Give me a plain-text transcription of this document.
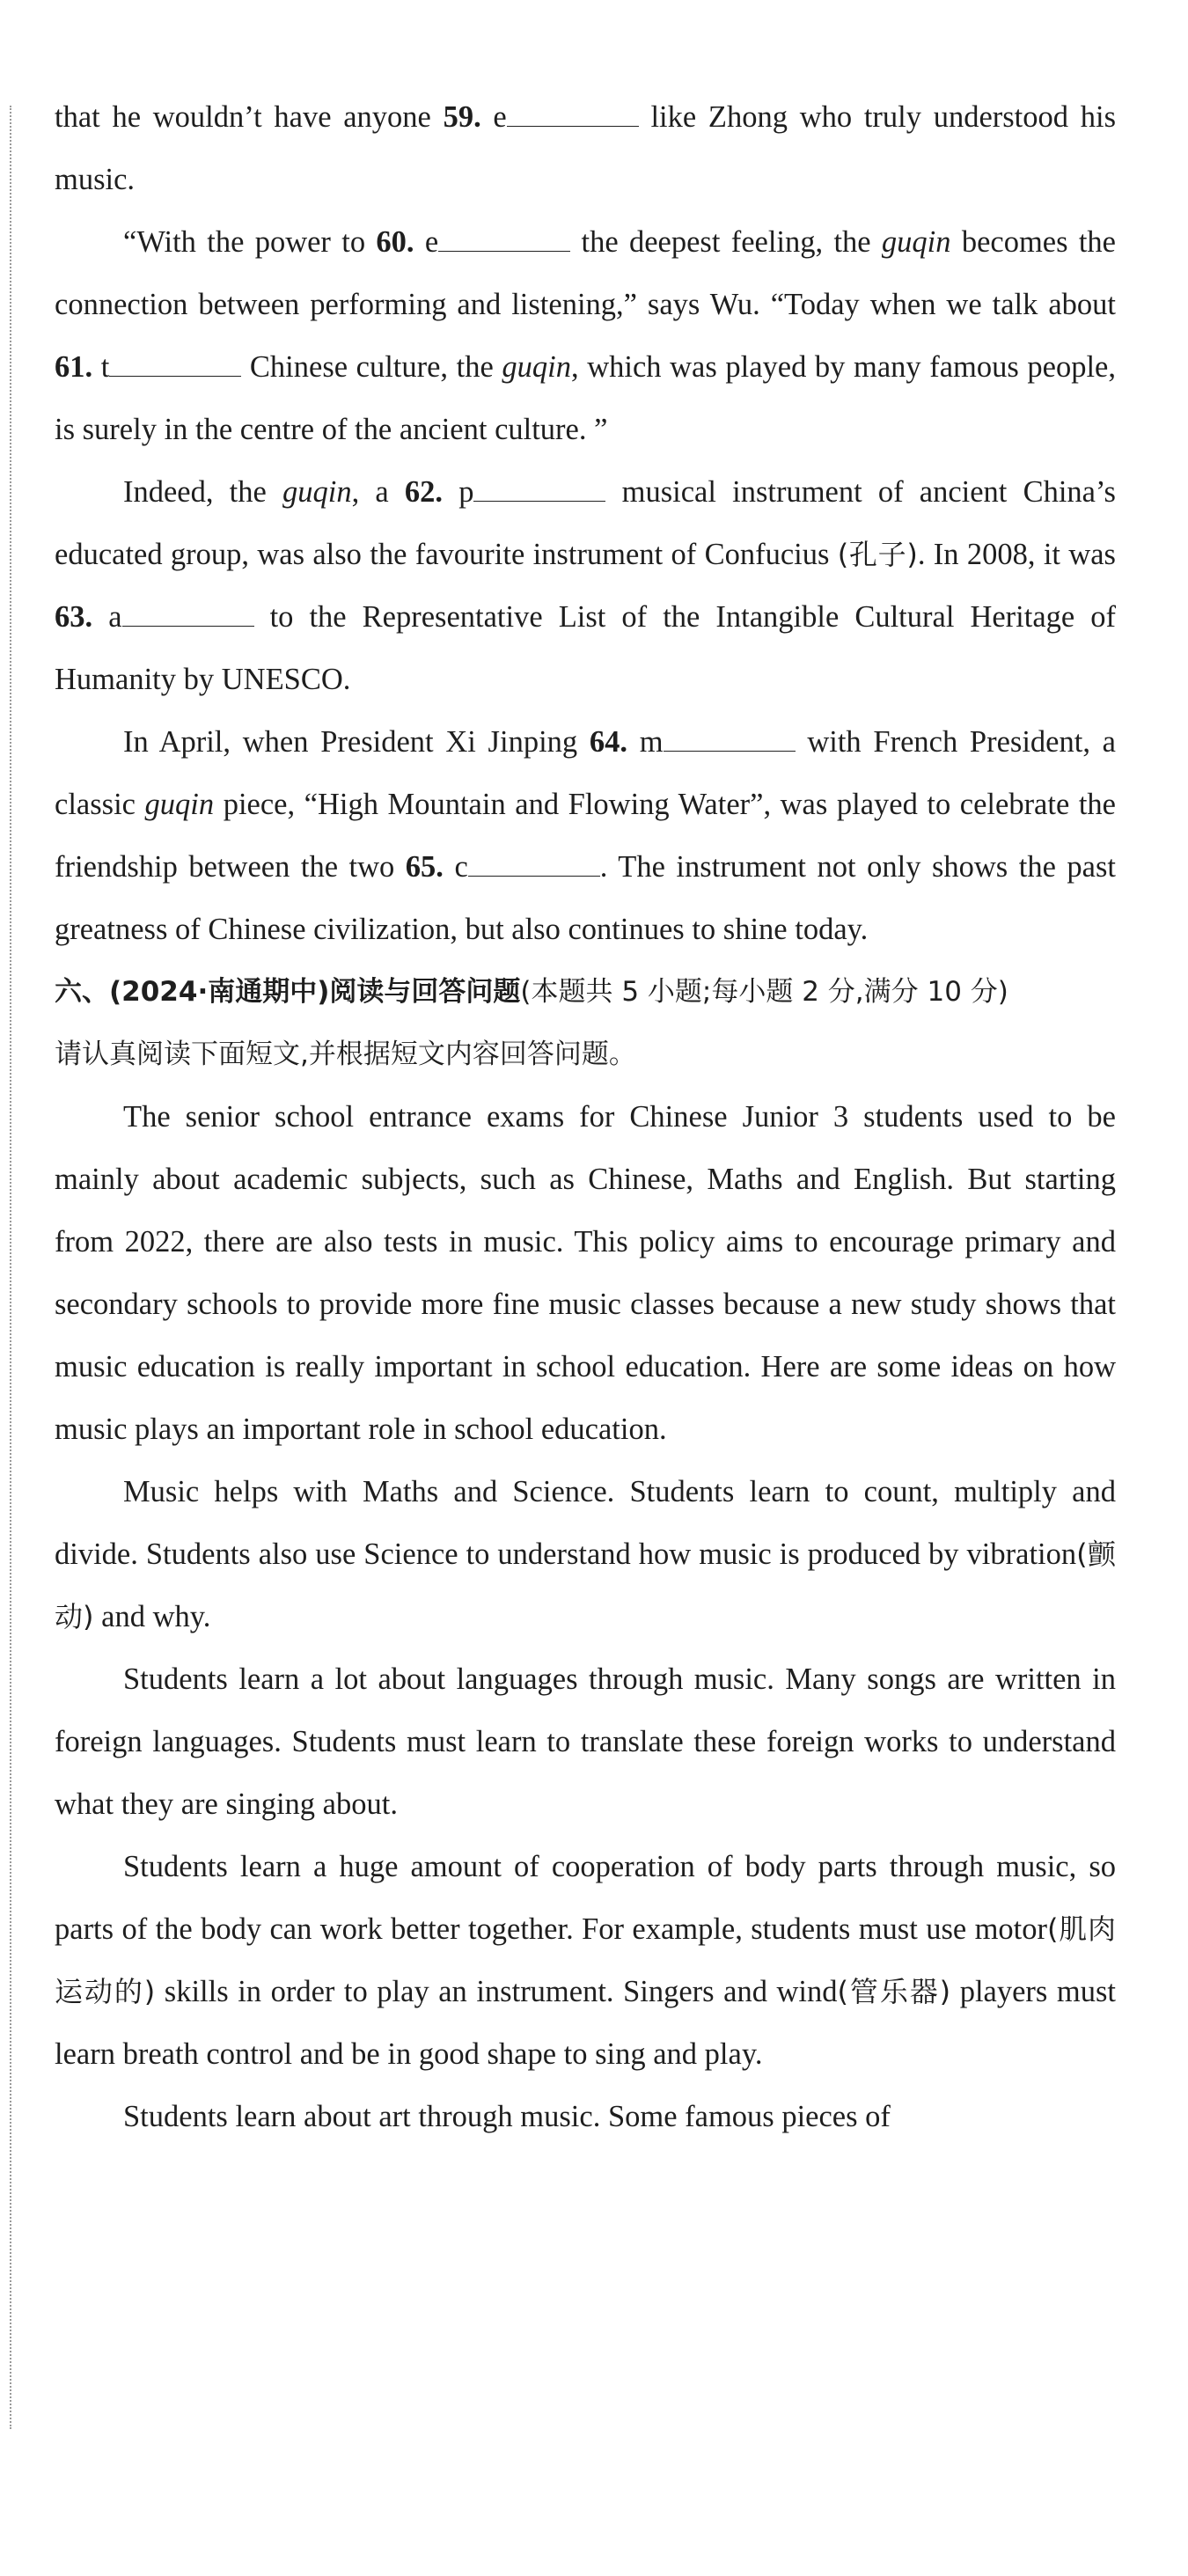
that he wouldn’t have anyone 59. e	like Zhong who truly understood his music.

“With the power to 60. e	the deepest feeling, the guqin becomes the connection between performing and listening,” says Wu. “Today when we talk about 61. t	Chinese culture, the guqin, which was played by many famous people, is surely in the centre of the ancient culture. ”

Indeed, the guqin, a 62. p	musical instrument of ancient China’s educated group, was also the favourite instrument of Confucius (孔子). In 2008, it was 63. a	to the Representative List of the Intangible Cultural Heritage of Humanity by UNESCO.

In April, when President Xi Jinping 64. m	with French President, a classic guqin piece, “High Mountain and Flowing Water”, was played to celebrate the friendship between the two 65. c	. The instrument not only shows the past greatness of Chinese civilization, but also continues to shine today.

六、(2024·南通期中)阅读与回答问题(本题共 5 小题;每小题 2 分,满分 10 分)

请认真阅读下面短文,并根据短文内容回答问题。

The senior school entrance exams for Chinese Junior 3 students used to be mainly about academic subjects, such as Chinese, Maths and English. But starting from 2022, there are also tests in music. This policy aims to encourage primary and secondary schools to provide more fine music classes because a new study shows that music education is really important in school education. Here are some ideas on how music plays an important role in school education.

Music helps with Maths and Science. Students learn to count, multiply and divide. Students also use Science to understand how music is produced by vibration(颤动) and why.

Students learn a lot about languages through music. Many songs are written in foreign languages. Students must learn to translate these foreign works to understand what they are singing about.

Students learn a huge amount of cooperation of body parts through music, so parts of the body can work better together. For example, students must use motor(肌肉运动的) skills in order to play an instrument. Singers and wind(管乐器) players must learn breath control and be in good shape to sing and play.

Students learn about art through music. Some famous pieces of
